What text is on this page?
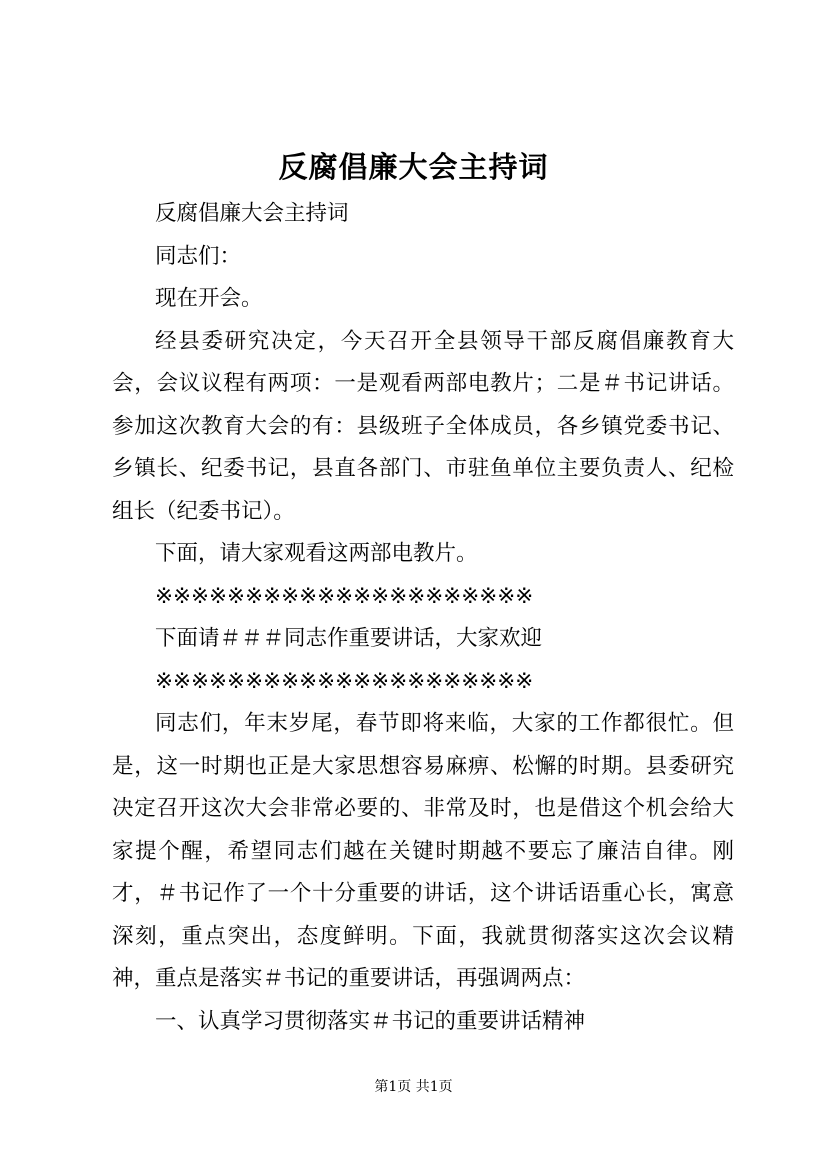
反腐倡廉大会主持词

反腐倡廉大会主持词

同志们：

现在开会。

经县委研究决定，今天召开全县领导干部反腐倡廉教育大会，会议议程有两项：一是观看两部电教片；二是＃书记讲话。参加这次教育大会的有：县级班子全体成员，各乡镇党委书记、乡镇长、纪委书记，县直各部门、市驻鱼单位主要负责人、纪检组长（纪委书记）。

下面，请大家观看这两部电教片。

※※※※※※※※※※※※※※※※※※※※※

下面请＃＃＃同志作重要讲话，大家欢迎

※※※※※※※※※※※※※※※※※※※※※

同志们，年末岁尾，春节即将来临，大家的工作都很忙。但是，这一时期也正是大家思想容易麻痹、松懈的时期。县委研究决定召开这次大会非常必要的、非常及时，也是借这个机会给大家提个醒，希望同志们越在关键时期越不要忘了廉洁自律。刚才，＃书记作了一个十分重要的讲话，这个讲话语重心长，寓意深刻，重点突出，态度鲜明。下面，我就贯彻落实这次会议精神，重点是落实＃书记的重要讲话，再强调两点：

一、认真学习贯彻落实＃书记的重要讲话精神

第1页 共1页
